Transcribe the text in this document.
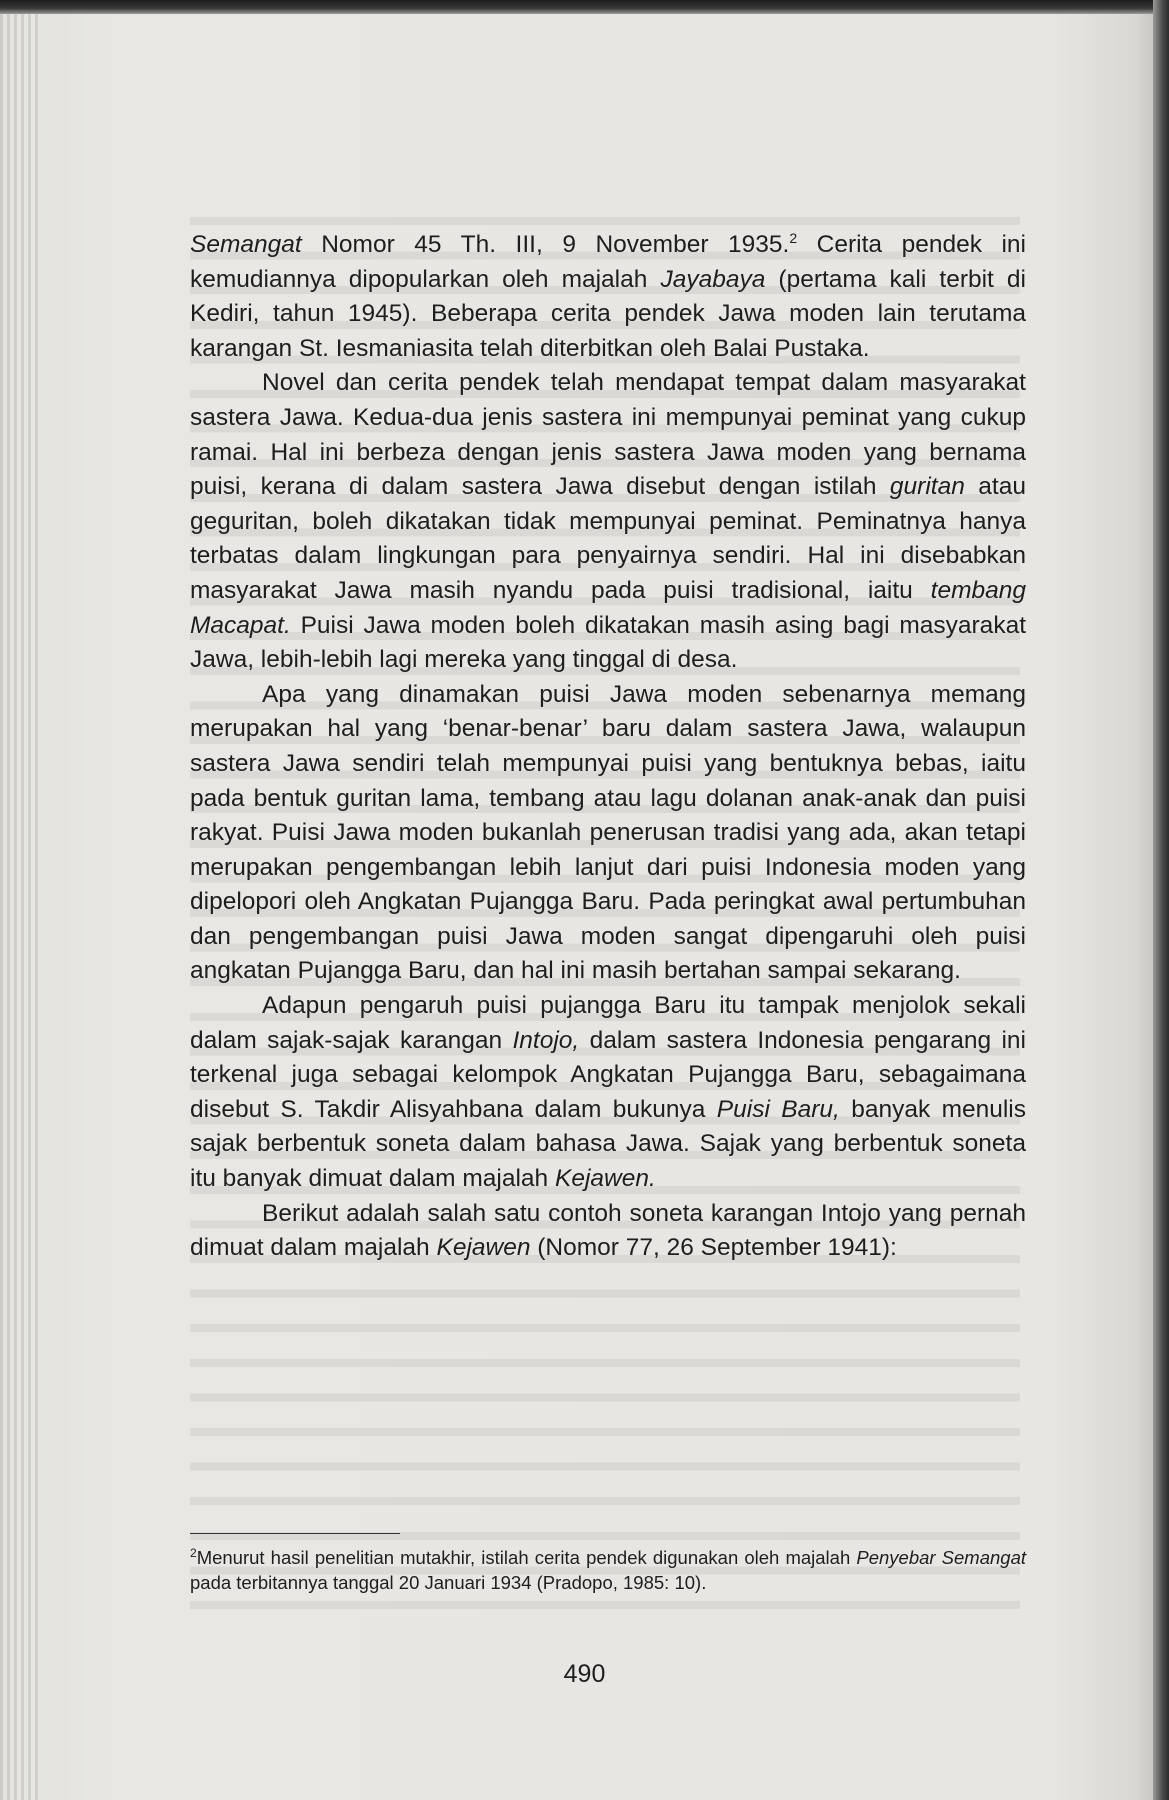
Semangat Nomor 45 Th. III, 9 November 1935.$^2$ Cerita pendek ini kemudiannya dipopularkan oleh majalah Jayabaya (pertama kali terbit di Kediri, tahun 1945). Beberapa cerita pendek Jawa moden lain terutama karangan St. Iesmaniasita telah diterbitkan oleh Balai Pustaka.

Novel dan cerita pendek telah mendapat tempat dalam masyarakat sastera Jawa. Kedua-dua jenis sastera ini mempunyai peminat yang cukup ramai. Hal ini berbeza dengan jenis sastera Jawa moden yang bernama puisi, kerana di dalam sastera Jawa disebut dengan istilah guritan atau geguritan, boleh dikatakan tidak mempunyai peminat. Peminatnya hanya terbatas dalam lingkungan para penyairnya sendiri. Hal ini disebabkan masyarakat Jawa masih nyandu pada puisi tradisional, iaitu tembang Macapat. Puisi Jawa moden boleh dikatakan masih asing bagi masyarakat Jawa, lebih-lebih lagi mereka yang tinggal di desa.

Apa yang dinamakan puisi Jawa moden sebenarnya memang merupakan hal yang ‘benar-benar’ baru dalam sastera Jawa, walaupun sastera Jawa sendiri telah mempunyai puisi yang bentuknya bebas, iaitu pada bentuk guritan lama, tembang atau lagu dolanan anak-anak dan puisi rakyat. Puisi Jawa moden bukanlah penerusan tradisi yang ada, akan tetapi merupakan pengembangan lebih lanjut dari puisi Indonesia moden yang dipelopori oleh Angkatan Pujangga Baru. Pada peringkat awal pertumbuhan dan pengembangan puisi Jawa moden sangat dipengaruhi oleh puisi angkatan Pujangga Baru, dan hal ini masih bertahan sampai sekarang.

Adapun pengaruh puisi pujangga Baru itu tampak menjolok sekali dalam sajak-sajak karangan Intojo, dalam sastera Indonesia pengarang ini terkenal juga sebagai kelompok Angkatan Pujangga Baru, sebagaimana disebut S. Takdir Alisyahbana dalam bukunya Puisi Baru, banyak menulis sajak berbentuk soneta dalam bahasa Jawa. Sajak yang berbentuk soneta itu banyak dimuat dalam majalah Kejawen.

Berikut adalah salah satu contoh soneta karangan Intojo yang pernah dimuat dalam majalah Kejawen (Nomor 77, 26 September 1941):

$^2$Menurut hasil penelitian mutakhir, istilah cerita pendek digunakan oleh majalah Penyebar Semangat pada terbitannya tanggal 20 Januari 1934 (Pradopo, 1985: 10).
490
